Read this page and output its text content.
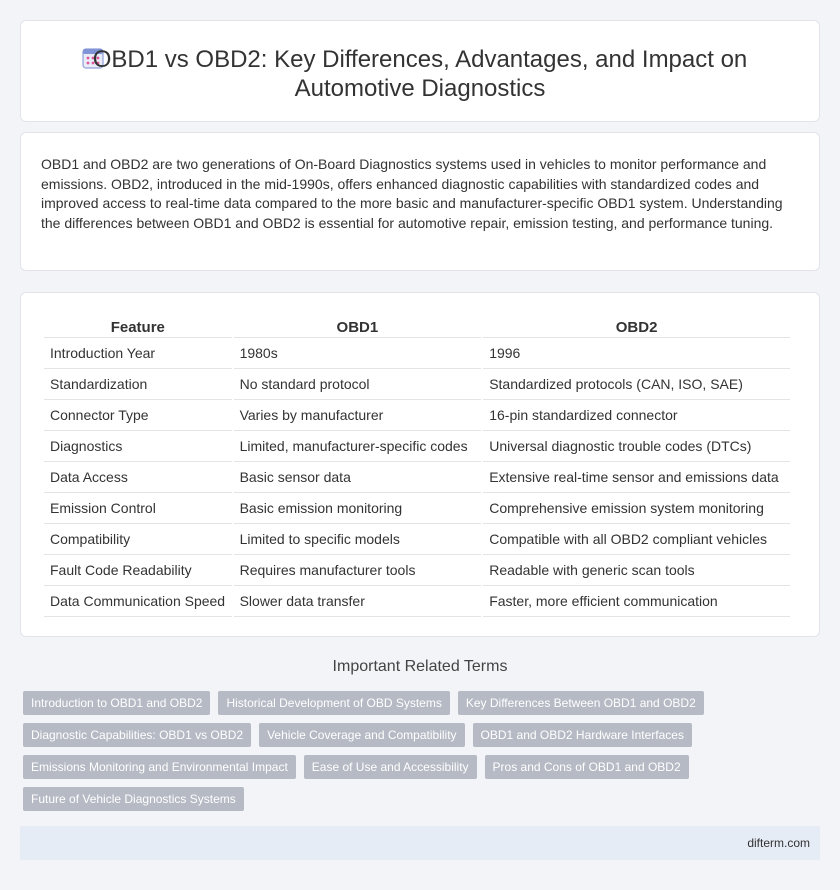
OBD1 vs OBD2: Key Differences, Advantages, and Impact on
Automotive Diagnostics

OBD1 and OBD2 are two generations of On-Board Diagnostics systems used in vehicles to monitor performance and emissions. OBD2, introduced in the mid-1990s, offers enhanced diagnostic capabilities with standardized codes and improved access to real-time data compared to the more basic and manufacturer-specific OBD1 system. Understanding the differences between OBD1 and OBD2 is essential for automotive repair, emission testing, and performance tuning.

Feature	OBD1	OBD2
Introduction Year	1980s	1996
Standardization	No standard protocol	Standardized protocols (CAN, ISO, SAE)
Connector Type	Varies by manufacturer	16-pin standardized connector
Diagnostics	Limited, manufacturer-specific codes	Universal diagnostic trouble codes (DTCs)
Data Access	Basic sensor data	Extensive real-time sensor and emissions data
Emission Control	Basic emission monitoring	Comprehensive emission system monitoring
Compatibility	Limited to specific models	Compatible with all OBD2 compliant vehicles
Fault Code Readability	Requires manufacturer tools	Readable with generic scan tools
Data Communication Speed	Slower data transfer	Faster, more efficient communication
Important Related Terms
Introduction to OBD1 and OBD2	Historical Development of OBD Systems	Key Differences Between OBD1 and OBD2
Diagnostic Capabilities: OBD1 vs OBD2	Vehicle Coverage and Compatibility	OBD1 and OBD2 Hardware Interfaces
Emissions Monitoring and Environmental Impact	Ease of Use and Accessibility	Pros and Cons of OBD1 and OBD2
Future of Vehicle Diagnostics Systems
difterm.com
